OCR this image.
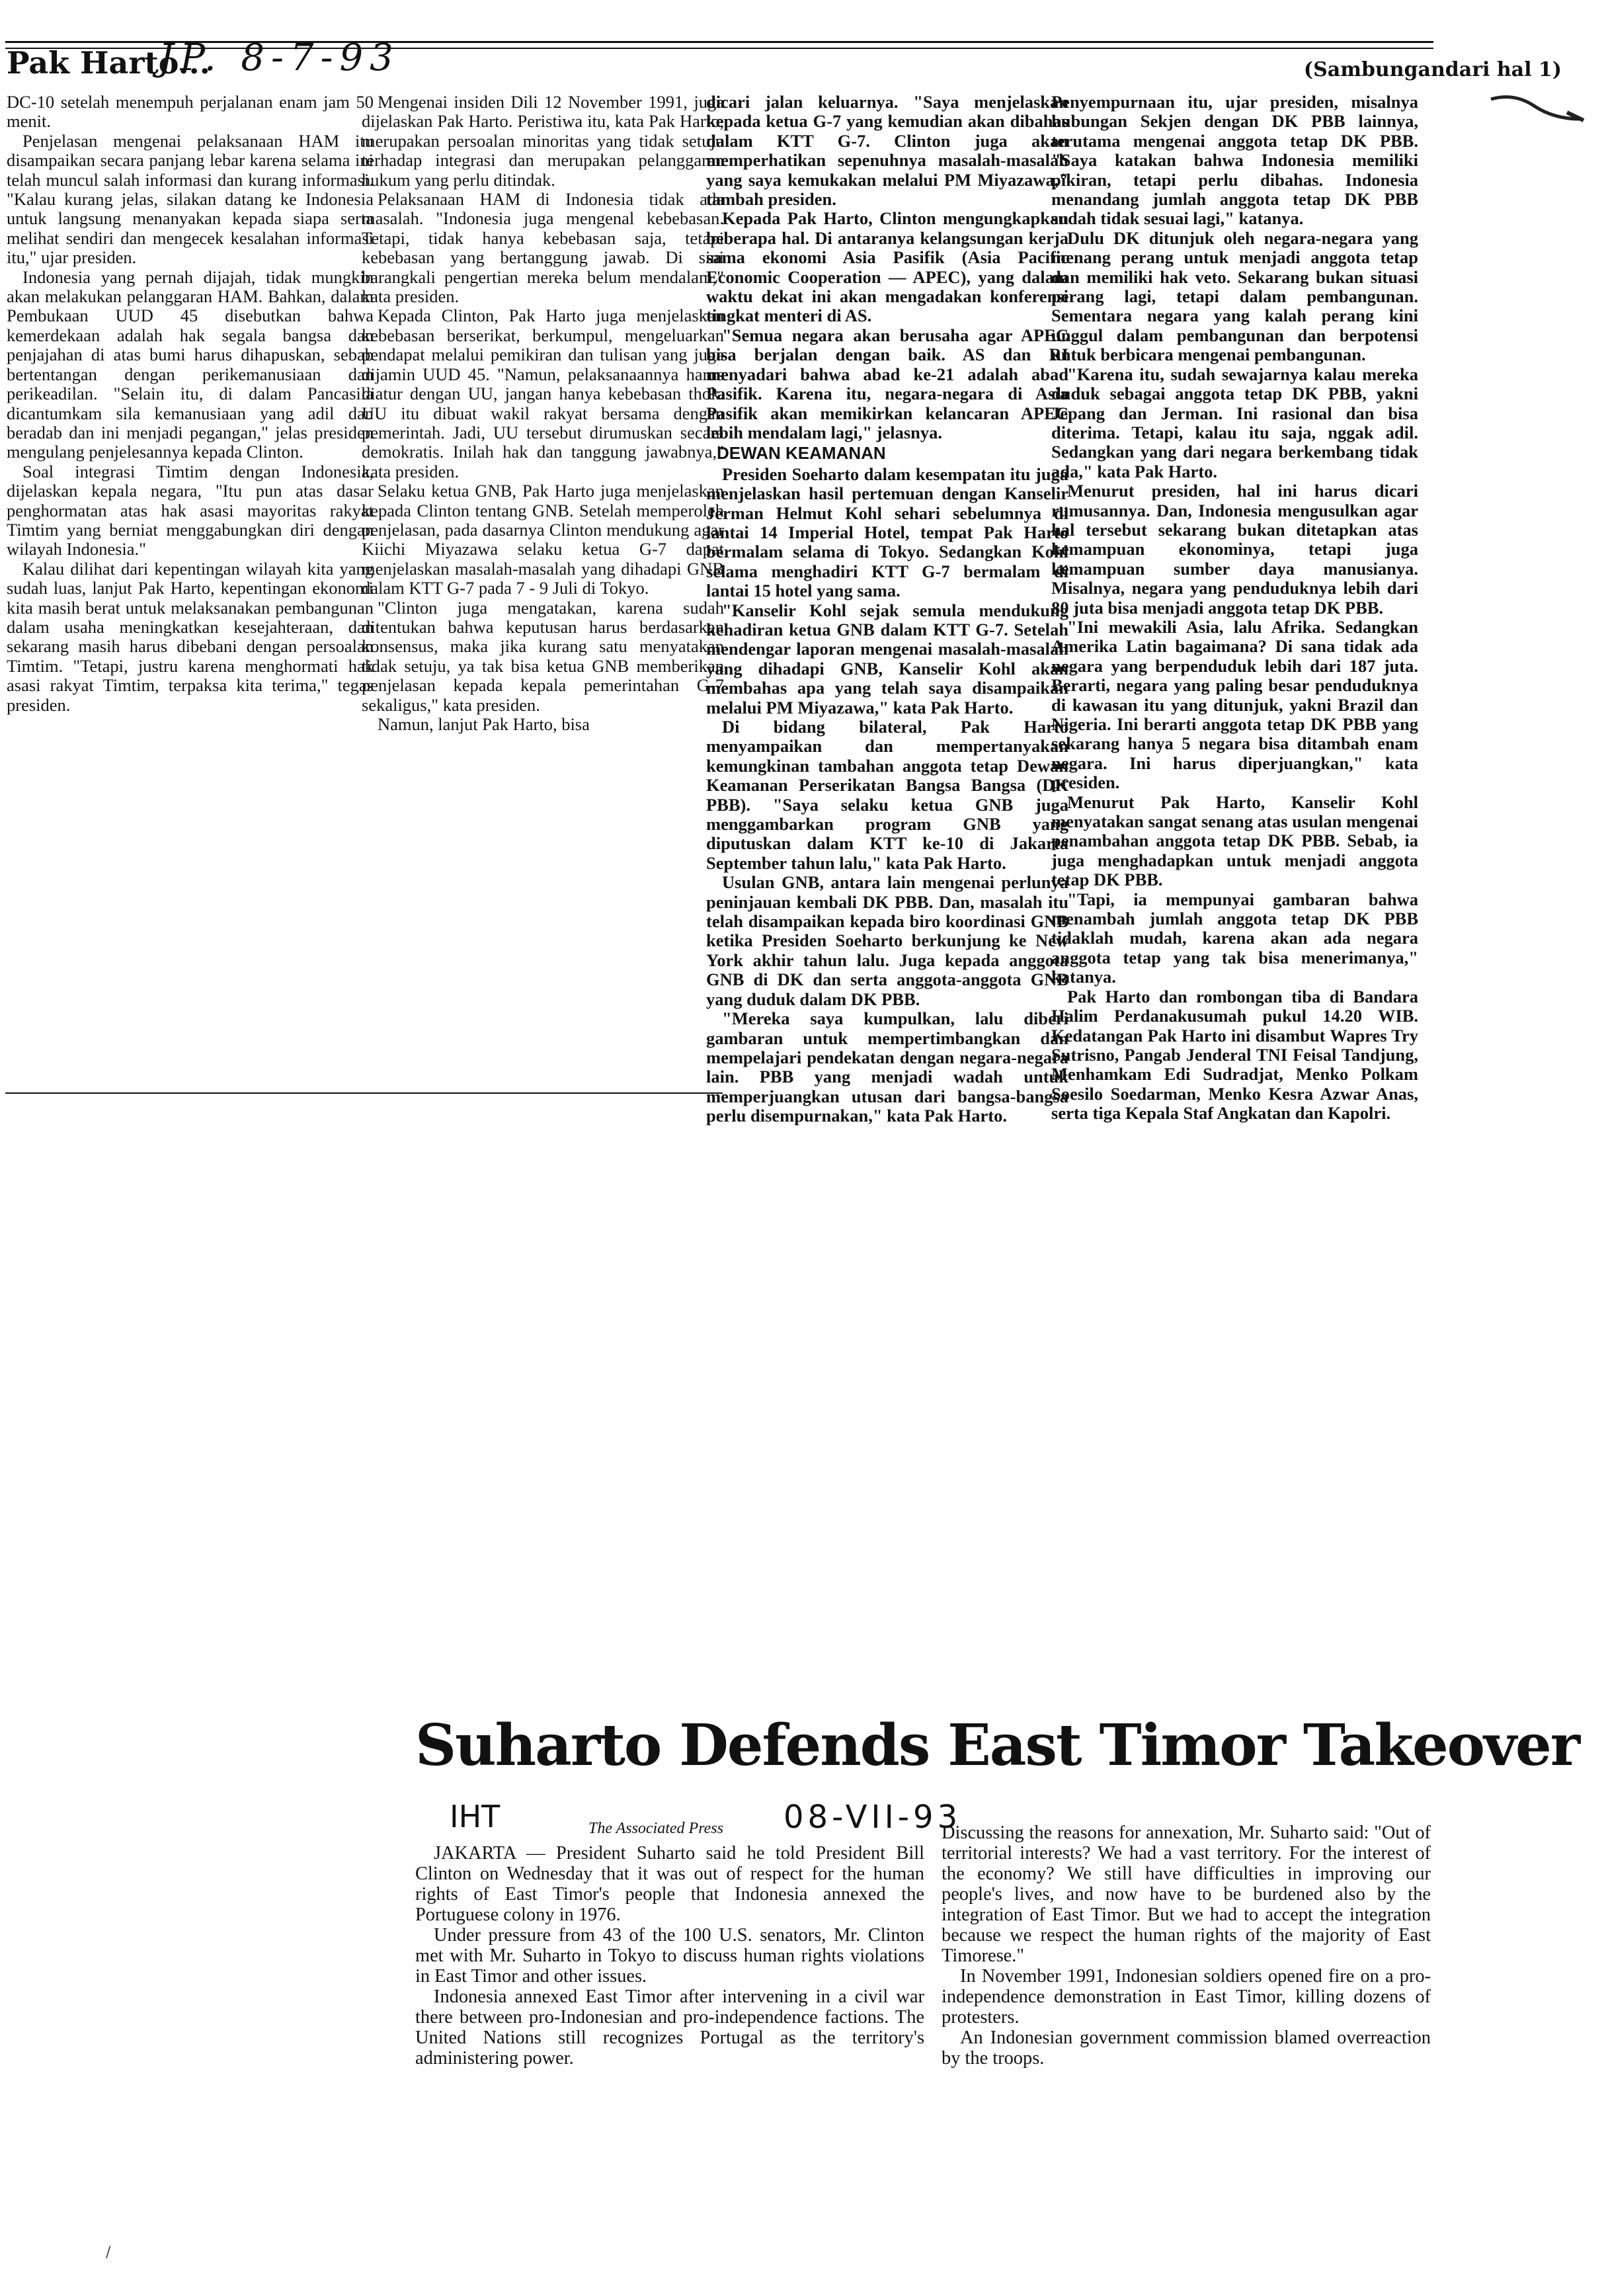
Pak Harto...
JP. 8-7-93	(Sambungandari hal 1)

DC-10 setelah menempuh perjalanan enam jam 50 menit.

Penjelasan mengenai pelaksanaan HAM itu disampaikan secara panjang lebar karena selama ini telah muncul salah informasi dan kurang informasi. "Kalau kurang jelas, silakan datang ke Indonesia untuk langsung menanyakan kepada siapa serta melihat sendiri dan mengecek kesalahan informasi itu," ujar presiden.

Indonesia yang pernah dijajah, tidak mungkin akan melakukan pelanggaran HAM. Bahkan, dalam Pembukaan UUD 45 disebutkan bahwa kemerdekaan adalah hak segala bangsa dan penjajahan di atas bumi harus dihapuskan, sebab bertentangan dengan perikemanusiaan dan perikeadilan. "Selain itu, di dalam Pancasila dicantumkam sila kemanusiaan yang adil dan beradab dan ini menjadi pegangan," jelas presiden mengulang penjelesannya kepada Clinton.

Soal integrasi Timtim dengan Indonesia, dijelaskan kepala negara, "Itu pun atas dasar penghormatan atas hak asasi mayoritas rakyat Timtim yang berniat menggabungkan diri dengan wilayah Indonesia."

Kalau dilihat dari kepentingan wilayah kita yang sudah luas, lanjut Pak Harto, kepentingan ekonomi kita masih berat untuk melaksanakan pembangunan dalam usaha meningkatkan kesejahteraan, dan sekarang masih harus dibebani dengan persoalan Timtim. "Tetapi, justru karena menghormati hak asasi rakyat Timtim, terpaksa kita terima," tegas presiden.

Mengenai insiden Dili 12 November 1991, juga dijelaskan Pak Harto. Peristiwa itu, kata Pak Harto, merupakan persoalan minoritas yang tidak setuju terhadap integrasi dan merupakan pelanggaran hukum yang perlu ditindak.

Pelaksanaan HAM di Indonesia tidak ada masalah. "Indonesia juga mengenal kebebasan. Tetapi, tidak hanya kebebasan saja, tetapi kebebasan yang bertanggung jawab. Di sini barangkali pengertian mereka belum mendalam," kata presiden.

Kepada Clinton, Pak Harto juga menjelaskan kebebasan berserikat, berkumpul, mengeluarkan pendapat melalui pemikiran dan tulisan yang juga dijamin UUD 45. "Namun, pelaksanaannya harus diatur dengan UU, jangan hanya kebebasan thok. UU itu dibuat wakil rakyat bersama dengan pemerintah. Jadi, UU tersebut dirumuskan secara demokratis. Inilah hak dan tanggung jawabnya," kata presiden.

Selaku ketua GNB, Pak Harto juga menjelaskan kepada Clinton tentang GNB. Setelah memperoleh penjelasan, pada dasarnya Clinton mendukung agar Kiichi Miyazawa selaku ketua G-7 dapat menjelaskan masalah-masalah yang dihadapi GNB dalam KTT G-7 pada 7 - 9 Juli di Tokyo.

"Clinton juga mengatakan, karena sudah ditentukan bahwa keputusan harus berdasarkan konsensus, maka jika kurang satu menyatakan tidak setuju, ya tak bisa ketua GNB memberikan penjelasan kepada kepala pemerintahan G-7 sekaligus," kata presiden.

Namun, lanjut Pak Harto, bisa

dicari jalan keluarnya. "Saya menjelaskan kepada ketua G-7 yang kemudian akan dibahas dalam KTT G-7. Clinton juga akan memperhatikan sepenuhnya masalah-masalah yang saya kemukakan melalui PM Miyazawa," tambah presiden.

Kepada Pak Harto, Clinton mengungkapkan beberapa hal. Di antaranya kelangsungan kerja sama ekonomi Asia Pasifik (Asia Pacific Economic Cooperation — APEC), yang dalam waktu dekat ini akan mengadakan konferensi tingkat menteri di AS.

"Semua negara akan berusaha agar APEC bisa berjalan dengan baik. AS dan RI menyadari bahwa abad ke-21 adalah abad Pasifik. Karena itu, negara-negara di Asia Pasifik akan memikirkan kelancaran APEC lebih mendalam lagi," jelasnya.

DEWAN KEAMANAN

Presiden Soeharto dalam kesempatan itu juga menjelaskan hasil pertemuan dengan Kanselir Jerman Helmut Kohl sehari sebelumnya di lantai 14 Imperial Hotel, tempat Pak Harto bermalam selama di Tokyo. Sedangkan Kohl selama menghadiri KTT G-7 bermalam di lantai 15 hotel yang sama.

"Kanselir Kohl sejak semula mendukung kehadiran ketua GNB dalam KTT G-7. Setelah mendengar laporan mengenai masalah-masalah yang dihadapi GNB, Kanselir Kohl akan membahas apa yang telah saya disampaikan melalui PM Miyazawa," kata Pak Harto.

Di bidang bilateral, Pak Harto menyampaikan dan mempertanyakan kemungkinan tambahan anggota tetap Dewan Keamanan Perserikatan Bangsa Bangsa (DK PBB). "Saya selaku ketua GNB juga menggambarkan program GNB yang diputuskan dalam KTT ke-10 di Jakarta September tahun lalu," kata Pak Harto.

Usulan GNB, antara lain mengenai perlunya peninjauan kembali DK PBB. Dan, masalah itu telah disampaikan kepada biro koordinasi GNB ketika Presiden Soeharto berkunjung ke New York akhir tahun lalu. Juga kepada anggota GNB di DK dan serta anggota-anggota GNB yang duduk dalam DK PBB.

"Mereka saya kumpulkan, lalu diberi gambaran untuk mempertimbangkan dan mempelajari pendekatan dengan negara-negara lain. PBB yang menjadi wadah untuk memperjuangkan utusan dari bangsa-bangsa perlu disempurnakan," kata Pak Harto.

Penyempurnaan itu, ujar presiden, misalnya hubungan Sekjen dengan DK PBB lainnya, terutama mengenai anggota tetap DK PBB. "Saya katakan bahwa Indonesia memiliki pikiran, tetapi perlu dibahas. Indonesia menandang jumlah anggota tetap DK PBB sudah tidak sesuai lagi," katanya.

Dulu DK ditunjuk oleh negara-negara yang menang perang untuk menjadi anggota tetap dan memiliki hak veto. Sekarang bukan situasi perang lagi, tetapi dalam pembangunan. Sementara negara yang kalah perang kini unggul dalam pembangunan dan berpotensi untuk berbicara mengenai pembangunan.

"Karena itu, sudah sewajarnya kalau mereka duduk sebagai anggota tetap DK PBB, yakni Jepang dan Jerman. Ini rasional dan bisa diterima. Tetapi, kalau itu saja, nggak adil. Sedangkan yang dari negara berkembang tidak ada," kata Pak Harto.

Menurut presiden, hal ini harus dicari rumusannya. Dan, Indonesia mengusulkan agar hal tersebut sekarang bukan ditetapkan atas kemampuan ekonominya, tetapi juga kemampuan sumber daya manusianya. Misalnya, negara yang penduduknya lebih dari 80 juta bisa menjadi anggota tetap DK PBB.

"Ini mewakili Asia, lalu Afrika. Sedangkan Amerika Latin bagaimana? Di sana tidak ada negara yang berpenduduk lebih dari 187 juta. Berarti, negara yang paling besar penduduknya di kawasan itu yang ditunjuk, yakni Brazil dan Nigeria. Ini berarti anggota tetap DK PBB yang sekarang hanya 5 negara bisa ditambah enam negara. Ini harus diperjuangkan," kata presiden.

Menurut Pak Harto, Kanselir Kohl menyatakan sangat senang atas usulan mengenai penambahan anggota tetap DK PBB. Sebab, ia juga menghadapkan untuk menjadi anggota tetap DK PBB.

"Tapi, ia mempunyai gambaran bahwa menambah jumlah anggota tetap DK PBB tidaklah mudah, karena akan ada negara anggota tetap yang tak bisa menerimanya," katanya.

Pak Harto dan rombongan tiba di Bandara Halim Perdanakusumah pukul 14.20 WIB. Kedatangan Pak Harto ini disambut Wapres Try Sutrisno, Pangab Jenderal TNI Feisal Tandjung, Menhamkam Edi Sudradjat, Menko Polkam Soesilo Soedarman, Menko Kesra Azwar Anas, serta tiga Kepala Staf Angkatan dan Kapolri.

Suharto Defends East Timor Takeover
IHT	The Associated Press 08-VII-93

JAKARTA — President Suharto said he told President Bill Clinton on Wednesday that it was out of respect for the human rights of East Timor's people that Indonesia annexed the Portuguese colony in 1976.

Under pressure from 43 of the 100 U.S. senators, Mr. Clinton met with Mr. Suharto in Tokyo to discuss human rights violations in East Timor and other issues.

Indonesia annexed East Timor after intervening in a civil war there between pro-Indonesian and pro-independence factions. The United Nations still recognizes Portugal as the territory's administering power.

Discussing the reasons for annexation, Mr. Suharto said: "Out of territorial interests? We had a vast territory. For the interest of the economy? We still have difficulties in improving our people's lives, and now have to be burdened also by the integration of East Timor. But we had to accept the integration because we respect the human rights of the majority of East Timorese."

In November 1991, Indonesian soldiers opened fire on a pro-independence demonstration in East Timor, killing dozens of protesters.

An Indonesian government commission blamed overreaction by the troops.

/
